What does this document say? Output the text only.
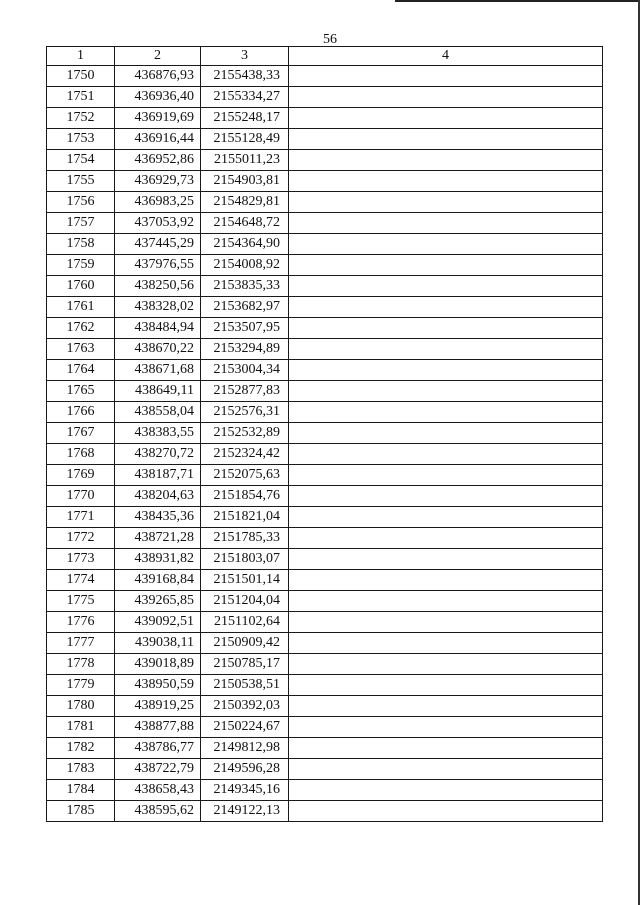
56
1	2	3	4
1750	436876,93	2155438,33	
1751	436936,40	2155334,27	
1752	436919,69	2155248,17	
1753	436916,44	2155128,49	
1754	436952,86	2155011,23	
1755	436929,73	2154903,81	
1756	436983,25	2154829,81	
1757	437053,92	2154648,72	
1758	437445,29	2154364,90	
1759	437976,55	2154008,92	
1760	438250,56	2153835,33	
1761	438328,02	2153682,97	
1762	438484,94	2153507,95	
1763	438670,22	2153294,89	
1764	438671,68	2153004,34	
1765	438649,11	2152877,83	
1766	438558,04	2152576,31	
1767	438383,55	2152532,89	
1768	438270,72	2152324,42	
1769	438187,71	2152075,63	
1770	438204,63	2151854,76	
1771	438435,36	2151821,04	
1772	438721,28	2151785,33	
1773	438931,82	2151803,07	
1774	439168,84	2151501,14	
1775	439265,85	2151204,04	
1776	439092,51	2151102,64	
1777	439038,11	2150909,42	
1778	439018,89	2150785,17	
1779	438950,59	2150538,51	
1780	438919,25	2150392,03	
1781	438877,88	2150224,67	
1782	438786,77	2149812,98	
1783	438722,79	2149596,28	
1784	438658,43	2149345,16	
1785	438595,62	2149122,13	
